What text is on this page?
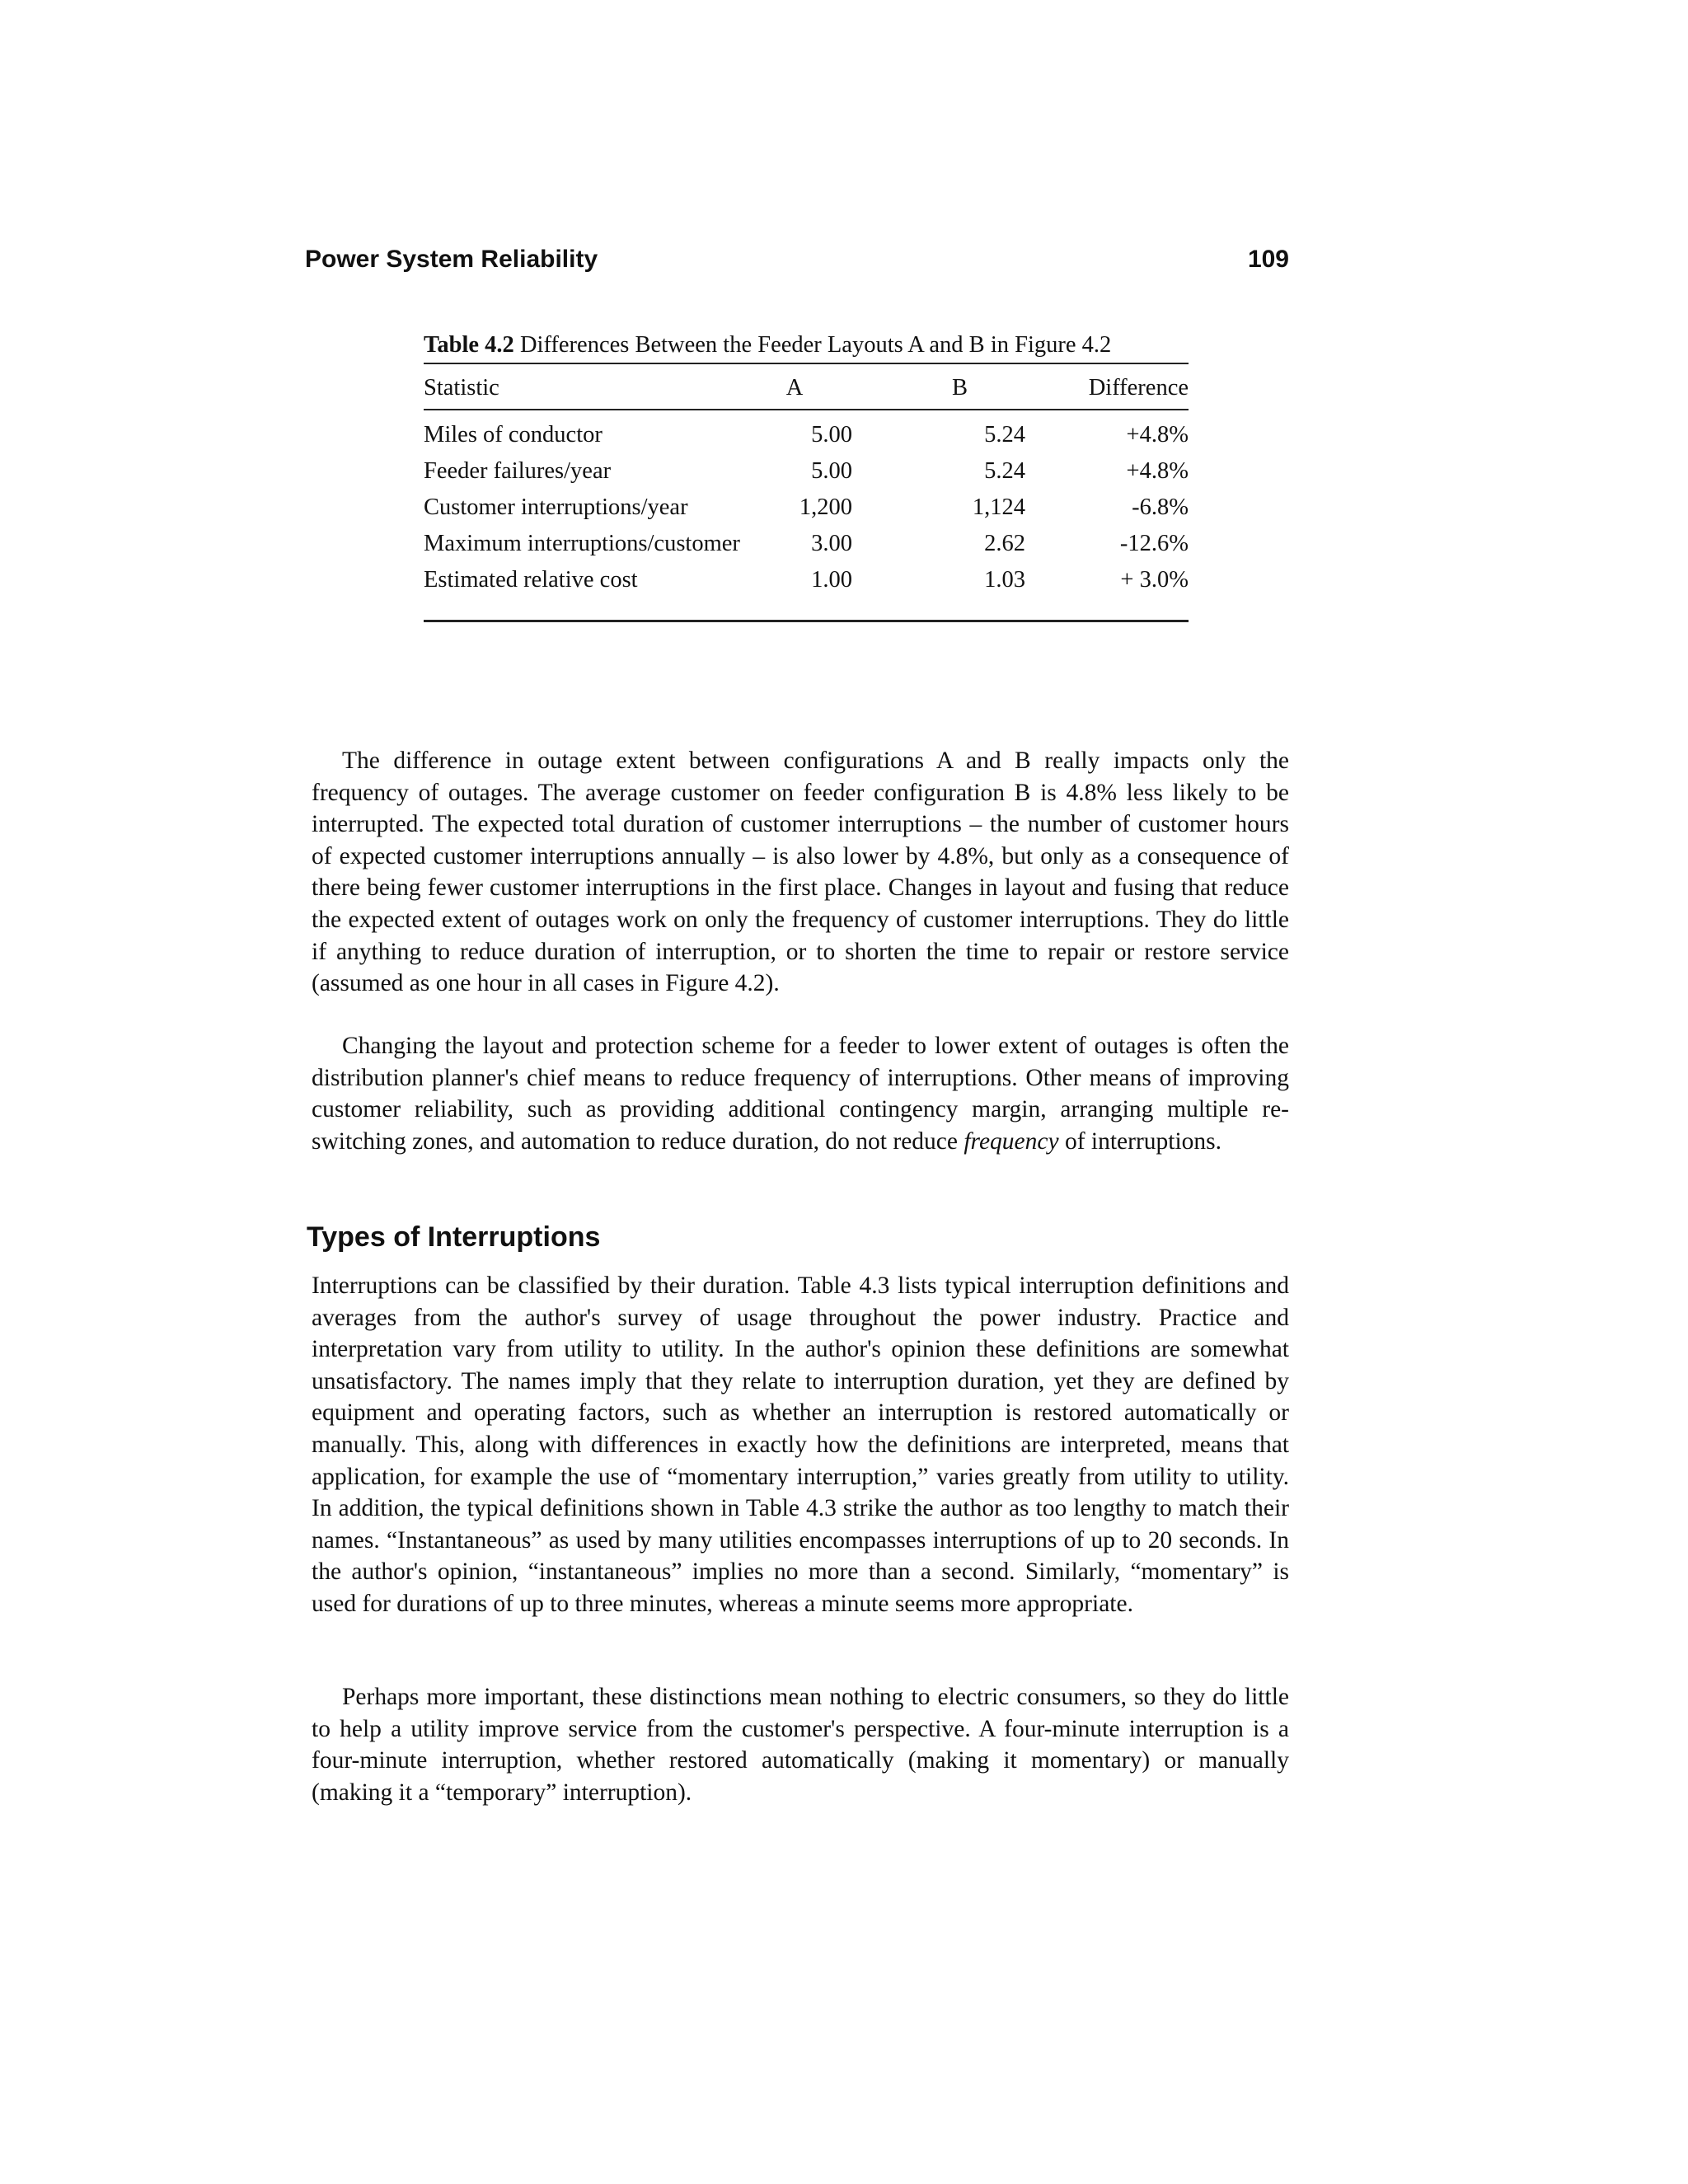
Power System Reliability	109
Table 4.2 Differences Between the Feeder Layouts A and B in Figure 4.2
Statistic	A	B	Difference
Miles of conductor	5.00	5.24	+4.8%
Feeder failures/year	5.00	5.24	+4.8%
Customer interruptions/year	1,200	1,124	-6.8%
Maximum interruptions/customer	3.00	2.62	-12.6%
Estimated relative cost	1.00	1.03	+ 3.0%

The difference in outage extent between configurations A and B really impacts only the frequency of outages. The average customer on feeder configuration B is 4.8% less likely to be interrupted. The expected total duration of customer interruptions – the number of customer hours of expected customer interruptions annually – is also lower by 4.8%, but only as a consequence of there being fewer customer interruptions in the first place. Changes in layout and fusing that reduce the expected extent of outages work on only the frequency of customer interruptions. They do little if anything to reduce duration of interruption, or to shorten the time to repair or restore service (assumed as one hour in all cases in Figure 4.2).

Changing the layout and protection scheme for a feeder to lower extent of outages is often the distribution planner's chief means to reduce frequency of interruptions. Other means of improving customer reliability, such as providing additional contingency margin, arranging multiple re-switching zones, and automation to reduce duration, do not reduce frequency of interruptions.

Types of Interruptions

Interruptions can be classified by their duration. Table 4.3 lists typical interruption definitions and averages from the author's survey of usage throughout the power industry. Practice and interpretation vary from utility to utility. In the author's opinion these definitions are somewhat unsatisfactory. The names imply that they relate to interruption duration, yet they are defined by equipment and operating factors, such as whether an interruption is restored automatically or manually. This, along with differences in exactly how the definitions are interpreted, means that application, for example the use of “momentary interruption,” varies greatly from utility to utility. In addition, the typical definitions shown in Table 4.3 strike the author as too lengthy to match their names. “Instantaneous” as used by many utilities encompasses interruptions of up to 20 seconds. In the author's opinion, “instantaneous” implies no more than a second. Similarly, “momentary” is used for durations of up to three minutes, whereas a minute seems more appropriate.

Perhaps more important, these distinctions mean nothing to electric consumers, so they do little to help a utility improve service from the customer's perspective. A four-minute interruption is a four-minute interruption, whether restored automatically (making it momentary) or manually (making it a “temporary” interruption).
